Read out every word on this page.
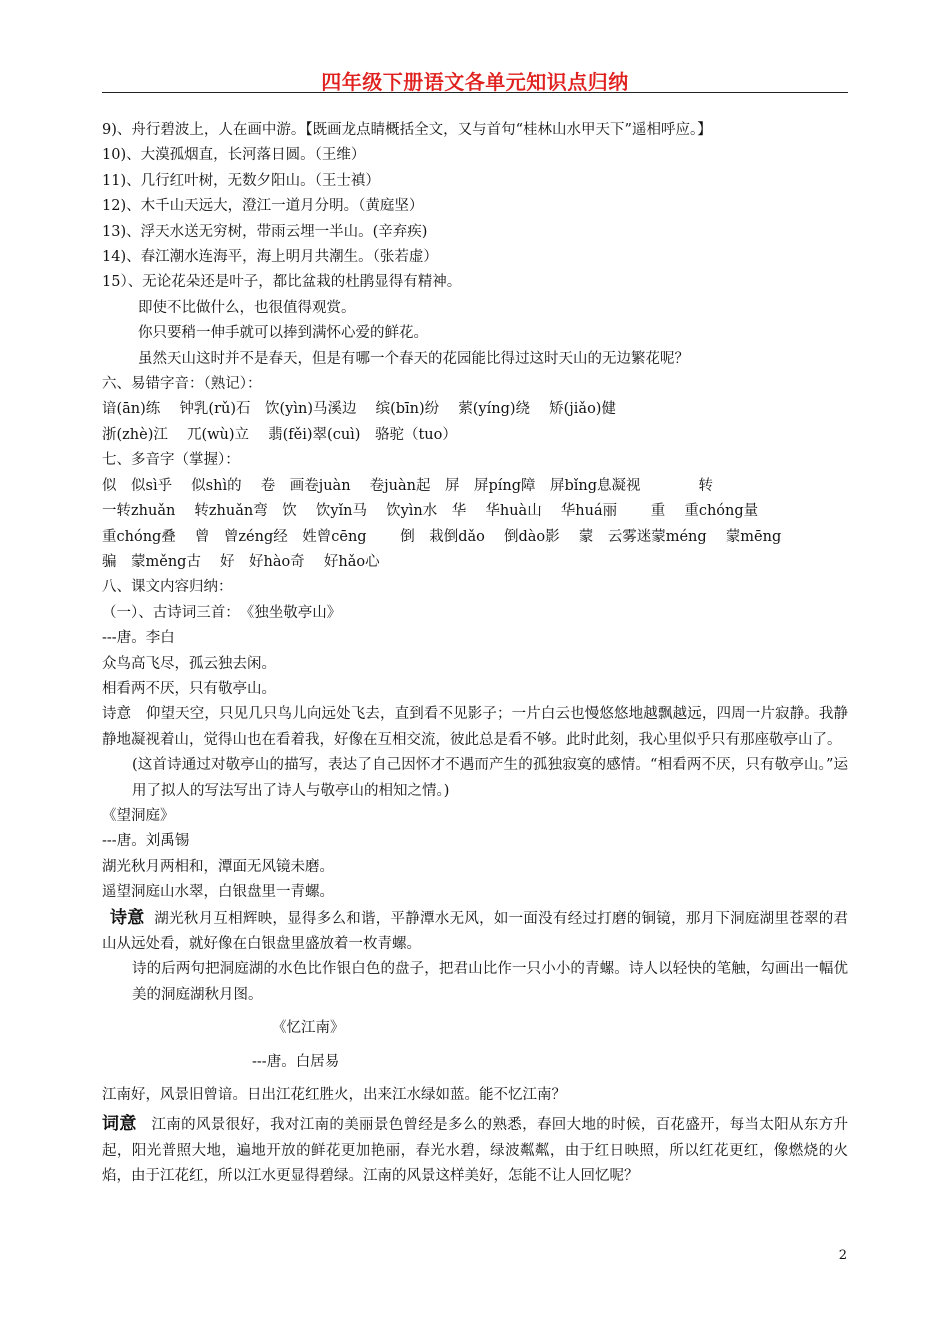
四年级下册语文各单元知识点归纳
9)、舟行碧波上，人在画中游。【既画龙点睛概括全文，又与首句“桂林山水甲天下”遥相呼应。】
10)、大漠孤烟直，长河落日圆。（王维）
11)、几行红叶树，无数夕阳山。（王士禛）
12)、木千山天远大，澄江一道月分明。（黄庭坚）
13)、浮天水送无穷树，带雨云埋一半山。(辛弃疾)
14)、春江潮水连海平，海上明月共潮生。（张若虚）
15）、无论花朵还是叶子，都比盆栽的杜鹃显得有精神。
即使不比做什么，也很值得观赏。
你只要稍一伸手就可以捧到满怀心爱的鲜花。
虽然天山这时并不是春天，但是有哪一个春天的花园能比得过这时天山的无边繁花呢？
六、易错字音：（熟记）：
谙(ān)练　 钟乳(rǔ)石　饮(yìn)马溪边　 缤(bīn)纷　 萦(yíng)绕　 矫(jiǎo)健
浙(zhè)江　 兀(wù)立　 翡(fěi)翠(cuì)　骆驼（tuo）
七、多音字（掌握）：
似　似sì乎　 似shì的　 卷　画卷juàn　 卷juàn起　屏　屏píng障　屏bǐng息凝视　　　　转
一转zhuǎn　 转zhuǎn弯　饮　 饮yǐn马　 饮yìn水　华　 华huà山　 华huá丽　　 重　 重chóng量
重chóng叠　 曾　曾zéng经　姓曾cēng　　 倒　栽倒dǎo　 倒dào影　 蒙　云雾迷蒙méng　 蒙mēng
骗　蒙měng古　 好　好hào奇　 好hǎo心
八、课文内容归纳：
（一）、古诗词三首：　《独坐敬亭山》
---唐。李白
众鸟高飞尽，孤云独去闲。
相看两不厌，只有敬亭山。
诗意　仰望天空，只见几只鸟儿向远处飞去，直到看不见影子；一片白云也慢悠悠地越飘越远，四周一片寂静。我静静地凝视着山，觉得山也在看着我，好像在互相交流，彼此总是看不够。此时此刻，我心里似乎只有那座敬亭山了。
(这首诗通过对敬亭山的描写，表达了自己因怀才不遇而产生的孤独寂寞的感情。“相看两不厌，只有敬亭山。”运用了拟人的写法写出了诗人与敬亭山的相知之情。)
《望洞庭》
---唐。刘禹锡
湖光秋月两相和，潭面无风镜未磨。
遥望洞庭山水翠，白银盘里一青螺。
诗意 湖光秋月互相辉映，显得多么和谐，平静潭水无风，如一面没有经过打磨的铜镜，那月下洞庭湖里苍翠的君山从远处看，就好像在白银盘里盛放着一枚青螺。
诗的后两句把洞庭湖的水色比作银白色的盘子，把君山比作一只小小的青螺。诗人以轻快的笔触，勾画出一幅优美的洞庭湖秋月图。
《忆江南》
---唐。白居易
江南好，风景旧曾谙。日出江花红胜火，出来江水绿如蓝。能不忆江南？
词意 江南的风景很好，我对江南的美丽景色曾经是多么的熟悉，春回大地的时候，百花盛开，每当太阳从东方升起，阳光普照大地，遍地开放的鲜花更加艳丽，春光水碧，绿波粼粼，由于红日映照，所以红花更红，像燃烧的火焰，由于江花红，所以江水更显得碧绿。江南的风景这样美好，怎能不让人回忆呢？
2
